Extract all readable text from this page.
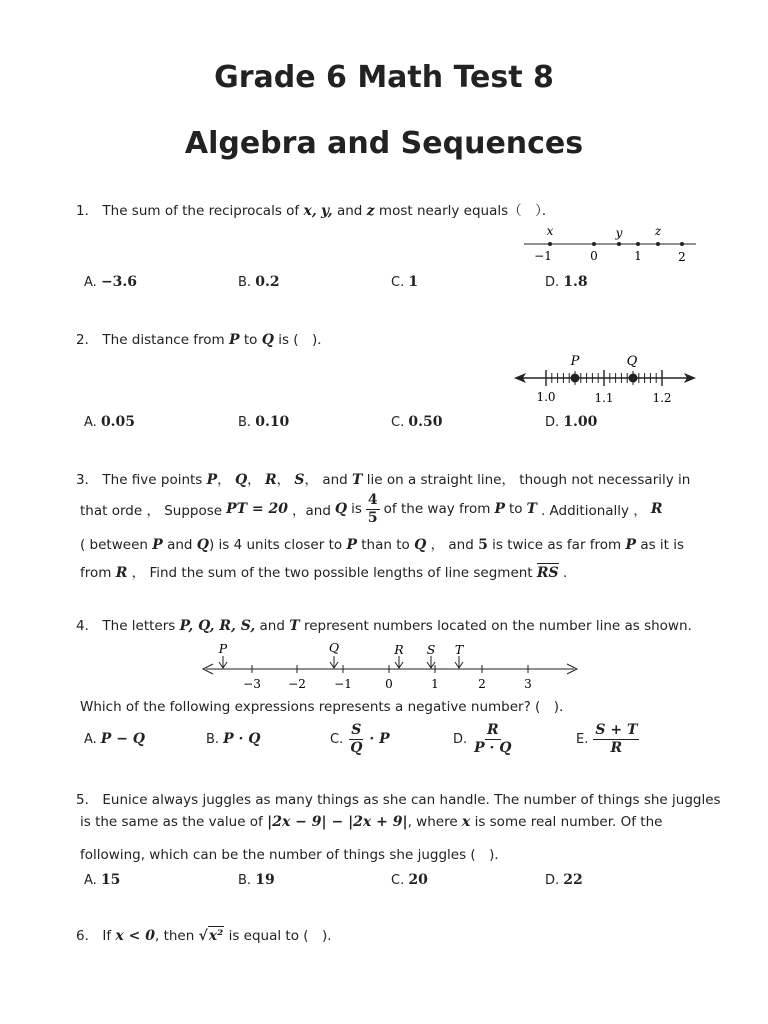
Grade 6 Math Test 8
Algebra and Sequences
1． The sum of the reciprocals of x, y, and z most nearly equals（　）．
x	y	z
−1	0	1	2
A. −3.6	B. 0.2	C. 1	D. 1.8
2． The distance from P to Q is (　)．
P	Q
1.0	1.1	1.2
A. 0.05	B. 0.10	C. 0.50	D. 1.00
3． The five points P， Q， R， S， and T lie on a straight line， though not necessarily in
that orde ， Suppose PT = 20 ，and Q is $\frac{4}{5}$ of the way from P to T . Additionally ， R
( between P and Q) is 4 units closer to P than to Q ， and 5 is twice as far from P as it is
from R ， Find the sum of the two possible lengths of line segment RS .
4． The letters P, Q, R, S, and T represent numbers located on the number line as shown.
P	Q	R S T
−3 −2 −1	0	1	2	3
Which of the following expressions represents a negative number? (　)．
A. P − Q	B. P · Q	C. $\frac{S}{Q} \cdot P$	D. $\frac{R}{P \cdot Q}$	E. $\frac{S + T}{R}$
5． Eunice always juggles as many things as she can handle. The number of things she juggles
is the same as the value of |2x − 9| − |2x + 9|, where x is some real number. Of the
following, which can be the number of things she juggles (　)．
A. 15	B. 19	C. 20	D. 22
6． If x < 0, then √x² is equal to (　)．
